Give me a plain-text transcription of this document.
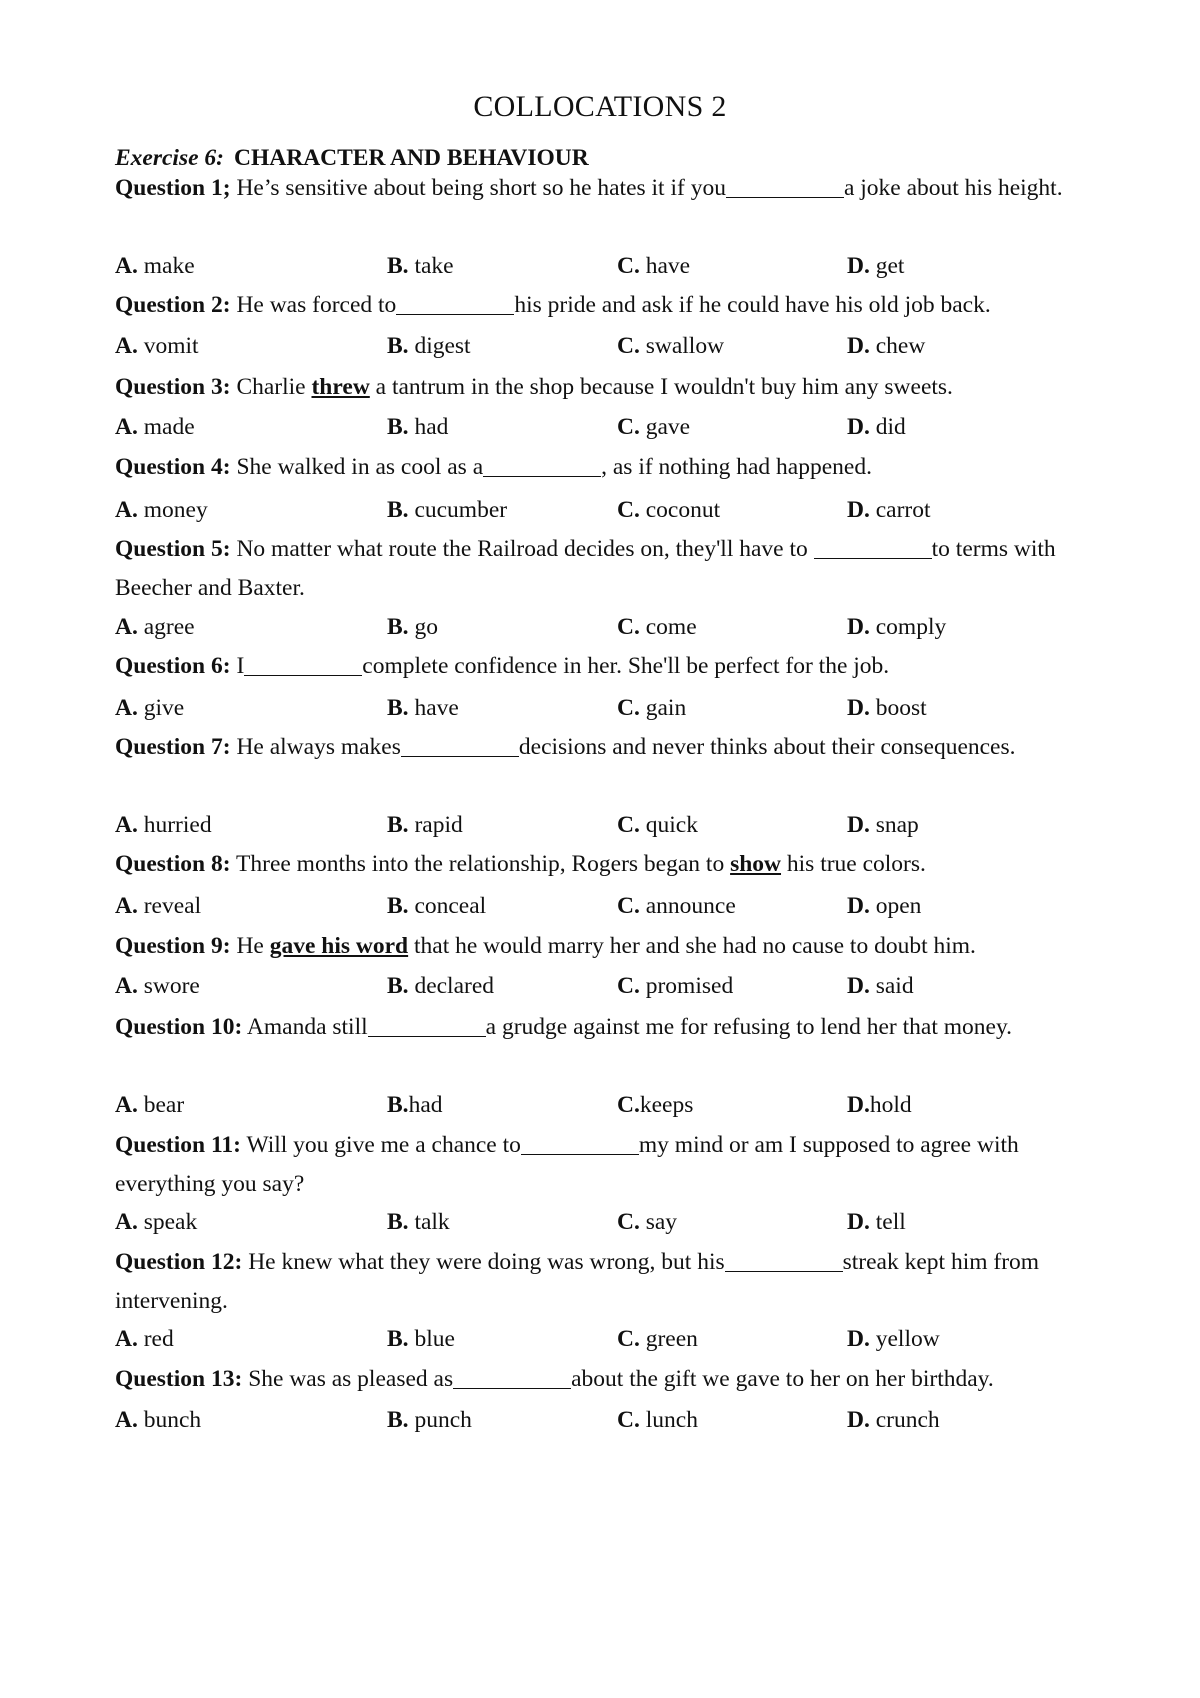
COLLOCATIONS 2
Exercise 6: CHARACTER AND BEHAVIOUR
Question 1; He’s sensitive about being short so he hates it if you	a joke about his height.
A. make	B. take	C. have	D. get
Question 2: He was forced to	his pride and ask if he could have his old job back.
A. vomit	B. digest	C. swallow	D. chew
Question 3: Charlie threw a tantrum in the shop because I wouldn't buy him any sweets.
A. made	B. had	C. gave	D. did
Question 4: She walked in as cool as a	, as if nothing had happened.
A. money	B. cucumber	C. coconut	D. carrot
Question 5: No matter what route the Railroad decides on, they'll have to	to terms with Beecher and Baxter.
A. agree	B. go	C. come	D. comply
Question 6: I	complete confidence in her. She'll be perfect for the job.
A. give	B. have	C. gain	D. boost
Question 7: He always makes	decisions and never thinks about their consequences.
A. hurried	B. rapid	C. quick	D. snap
Question 8: Three months into the relationship, Rogers began to show his true colors.
A. reveal	B. conceal	C. announce	D. open
Question 9: He gave his word that he would marry her and she had no cause to doubt him.
A. swore	B. declared	C. promised	D. said
Question 10: Amanda still	a grudge against me for refusing to lend her that money.
A. bear	B.had	C.keeps	D.hold
Question 11: Will you give me a chance to	my mind or am I supposed to agree with everything you say?
A. speak	B. talk	C. say	D. tell
Question 12: He knew what they were doing was wrong, but his	streak kept him from intervening.
A. red	B. blue	C. green	D. yellow
Question 13: She was as pleased as	about the gift we gave to her on her birthday.
A. bunch	B. punch	C. lunch	D. crunch
